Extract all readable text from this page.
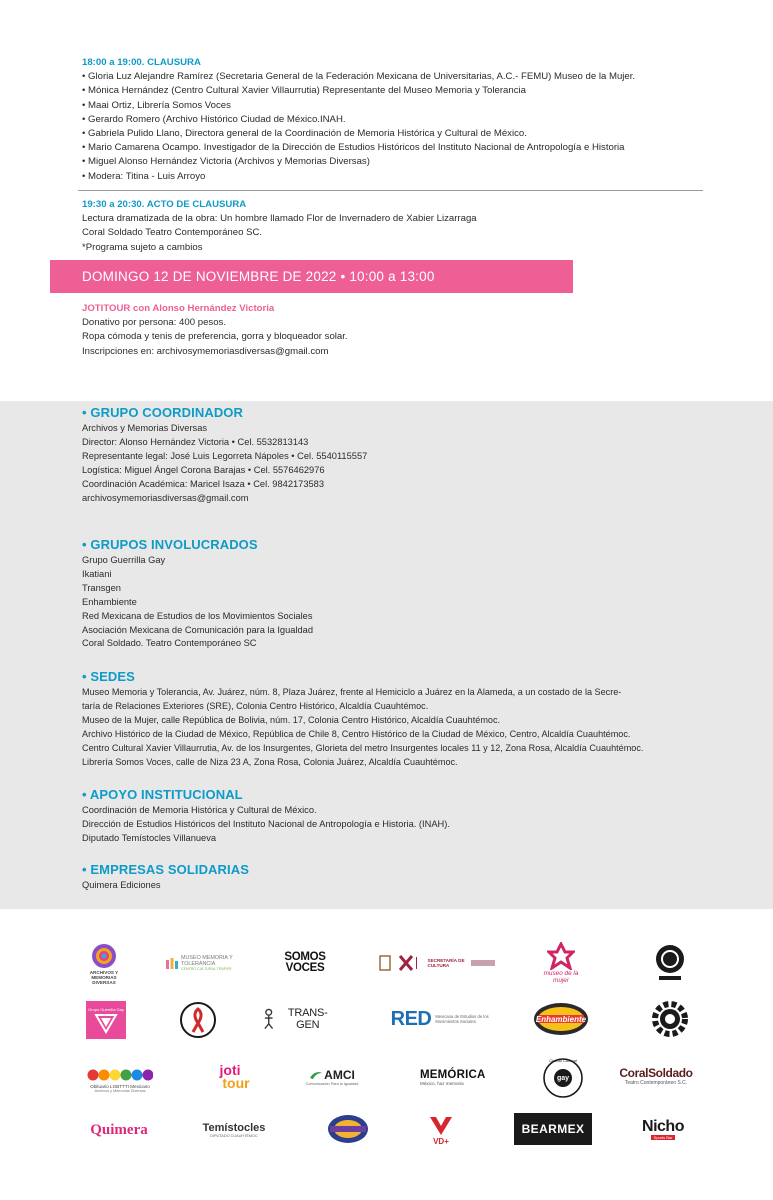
18:00 a 19:00. CLAUSURA
• Gloria Luz Alejandre Ramírez (Secretaria General de la Federación Mexicana de Universitarias, A.C.- FEMU) Museo de la Mujer.
• Mónica Hernández (Centro Cultural Xavier Villaurrutia) Representante del Museo Memoria y Tolerancia
• Maai Ortiz, Librería Somos Voces
• Gerardo Romero (Archivo Histórico Ciudad de México.INAH.
• Gabriela Pulido Llano, Directora general de la Coordinación de Memoria Histórica y Cultural de México.
• Mario Camarena Ocampo. Investigador de la Dirección de Estudios Históricos del Instituto Nacional de Antropología e Historia
• Miguel Alonso Hernández Victoria (Archivos y Memorias Diversas)
• Modera: Titina - Luis Arroyo
19:30 a 20:30. ACTO DE CLAUSURA
Lectura dramatizada de la obra: Un hombre llamado Flor de Invernadero de Xabier Lizarraga
Coral Soldado Teatro Contemporáneo SC.
*Programa sujeto a cambios
DOMINGO 12 DE NOVIEMBRE DE 2022 • 10:00 a 13:00
JOTITOUR con Alonso Hernández Victoria
Donativo por persona: 400 pesos.
Ropa cómoda y tenis de preferencia, gorra y bloqueador solar.
Inscripciones en: archivosymemoriasdiversas@gmail.com
• GRUPO COORDINADOR
Archivos y Memorias Diversas
Director: Alonso Hernández Victoria • Cel. 5532813143
Representante legal: José Luis Legorreta Nápoles • Cel. 5540115557
Logística: Miguel Ángel Corona Barajas • Cel. 5576462976
Coordinación Académica: Maricel Isaza • Cel. 9842173583
archivosymemoriasdiversas@gmail.com
• GRUPOS INVOLUCRADOS
Grupo Guerrilla Gay
Ikatiani
Transgen
Enhambiente
Red Mexicana de Estudios de los Movimientos Sociales
Asociación Mexicana de Comunicación para la Igualdad
Coral Soldado. Teatro Contemporáneo SC
• SEDES
Museo Memoria y Tolerancia, Av. Juárez, núm. 8, Plaza Juárez, frente al Hemiciclo a Juárez en la Alameda, a un costado de la Secre-
taría de Relaciones Exteriores (SRE), Colonia Centro Histórico, Alcaldía Cuauhtémoc.
Museo de la Mujer, calle República de Bolivia, núm. 17, Colonia Centro Histórico, Alcaldía Cuauhtémoc.
Archivo Histórico de la Ciudad de México, República de Chile 8, Centro Histórico de la Ciudad de México, Centro, Alcaldía Cuauhtémoc.
Centro Cultural Xavier Villaurrutia, Av. de los Insurgentes, Glorieta del metro Insurgentes locales 11 y 12, Zona Rosa, Alcaldía Cuauhtémoc.
Librería Somos Voces, calle de Niza 23 A, Zona Rosa, Colonia Juárez, Alcaldía Cuauhtémoc.
• APOYO INSTITUCIONAL
Coordinación de Memoria Histórica y Cultural de México.
Dirección de Estudios Históricos del Instituto Nacional de Antropología e Historia. (INAH).
Diputado Temístocles Villanueva
• EMPRESAS SOLIDARIAS
Quimera Ediciones
ARCHIVOS Y MEMORIAS DIVERSAS
MUSEO MEMORIA Y TOLERANCIA
CENTRO CULTURAL TRUPER
SOMOS VOCES
SECRETARÍA DE CULTURA
museo de la mujer
Grupo Guerrilla Gay	TRANS-GEN	RED Mexicana de Estudios de los Movimientos Sociales	Enhambiente
Obituario LGBTTTI Mexicano
Archivos y Memorias Diversas
joti
tour	AMCI
Comunicación Para la Igualdad
MEMÓRICA
México, haz memoria
gay
Círculo Cultural
CoralSoldado
Teatro Contemporáneo S.C.
Quimera	Temístocles
DIPUTADO CUAUHTÉMOC
VD+
BEARMEX	Nicho
Sports Bar
